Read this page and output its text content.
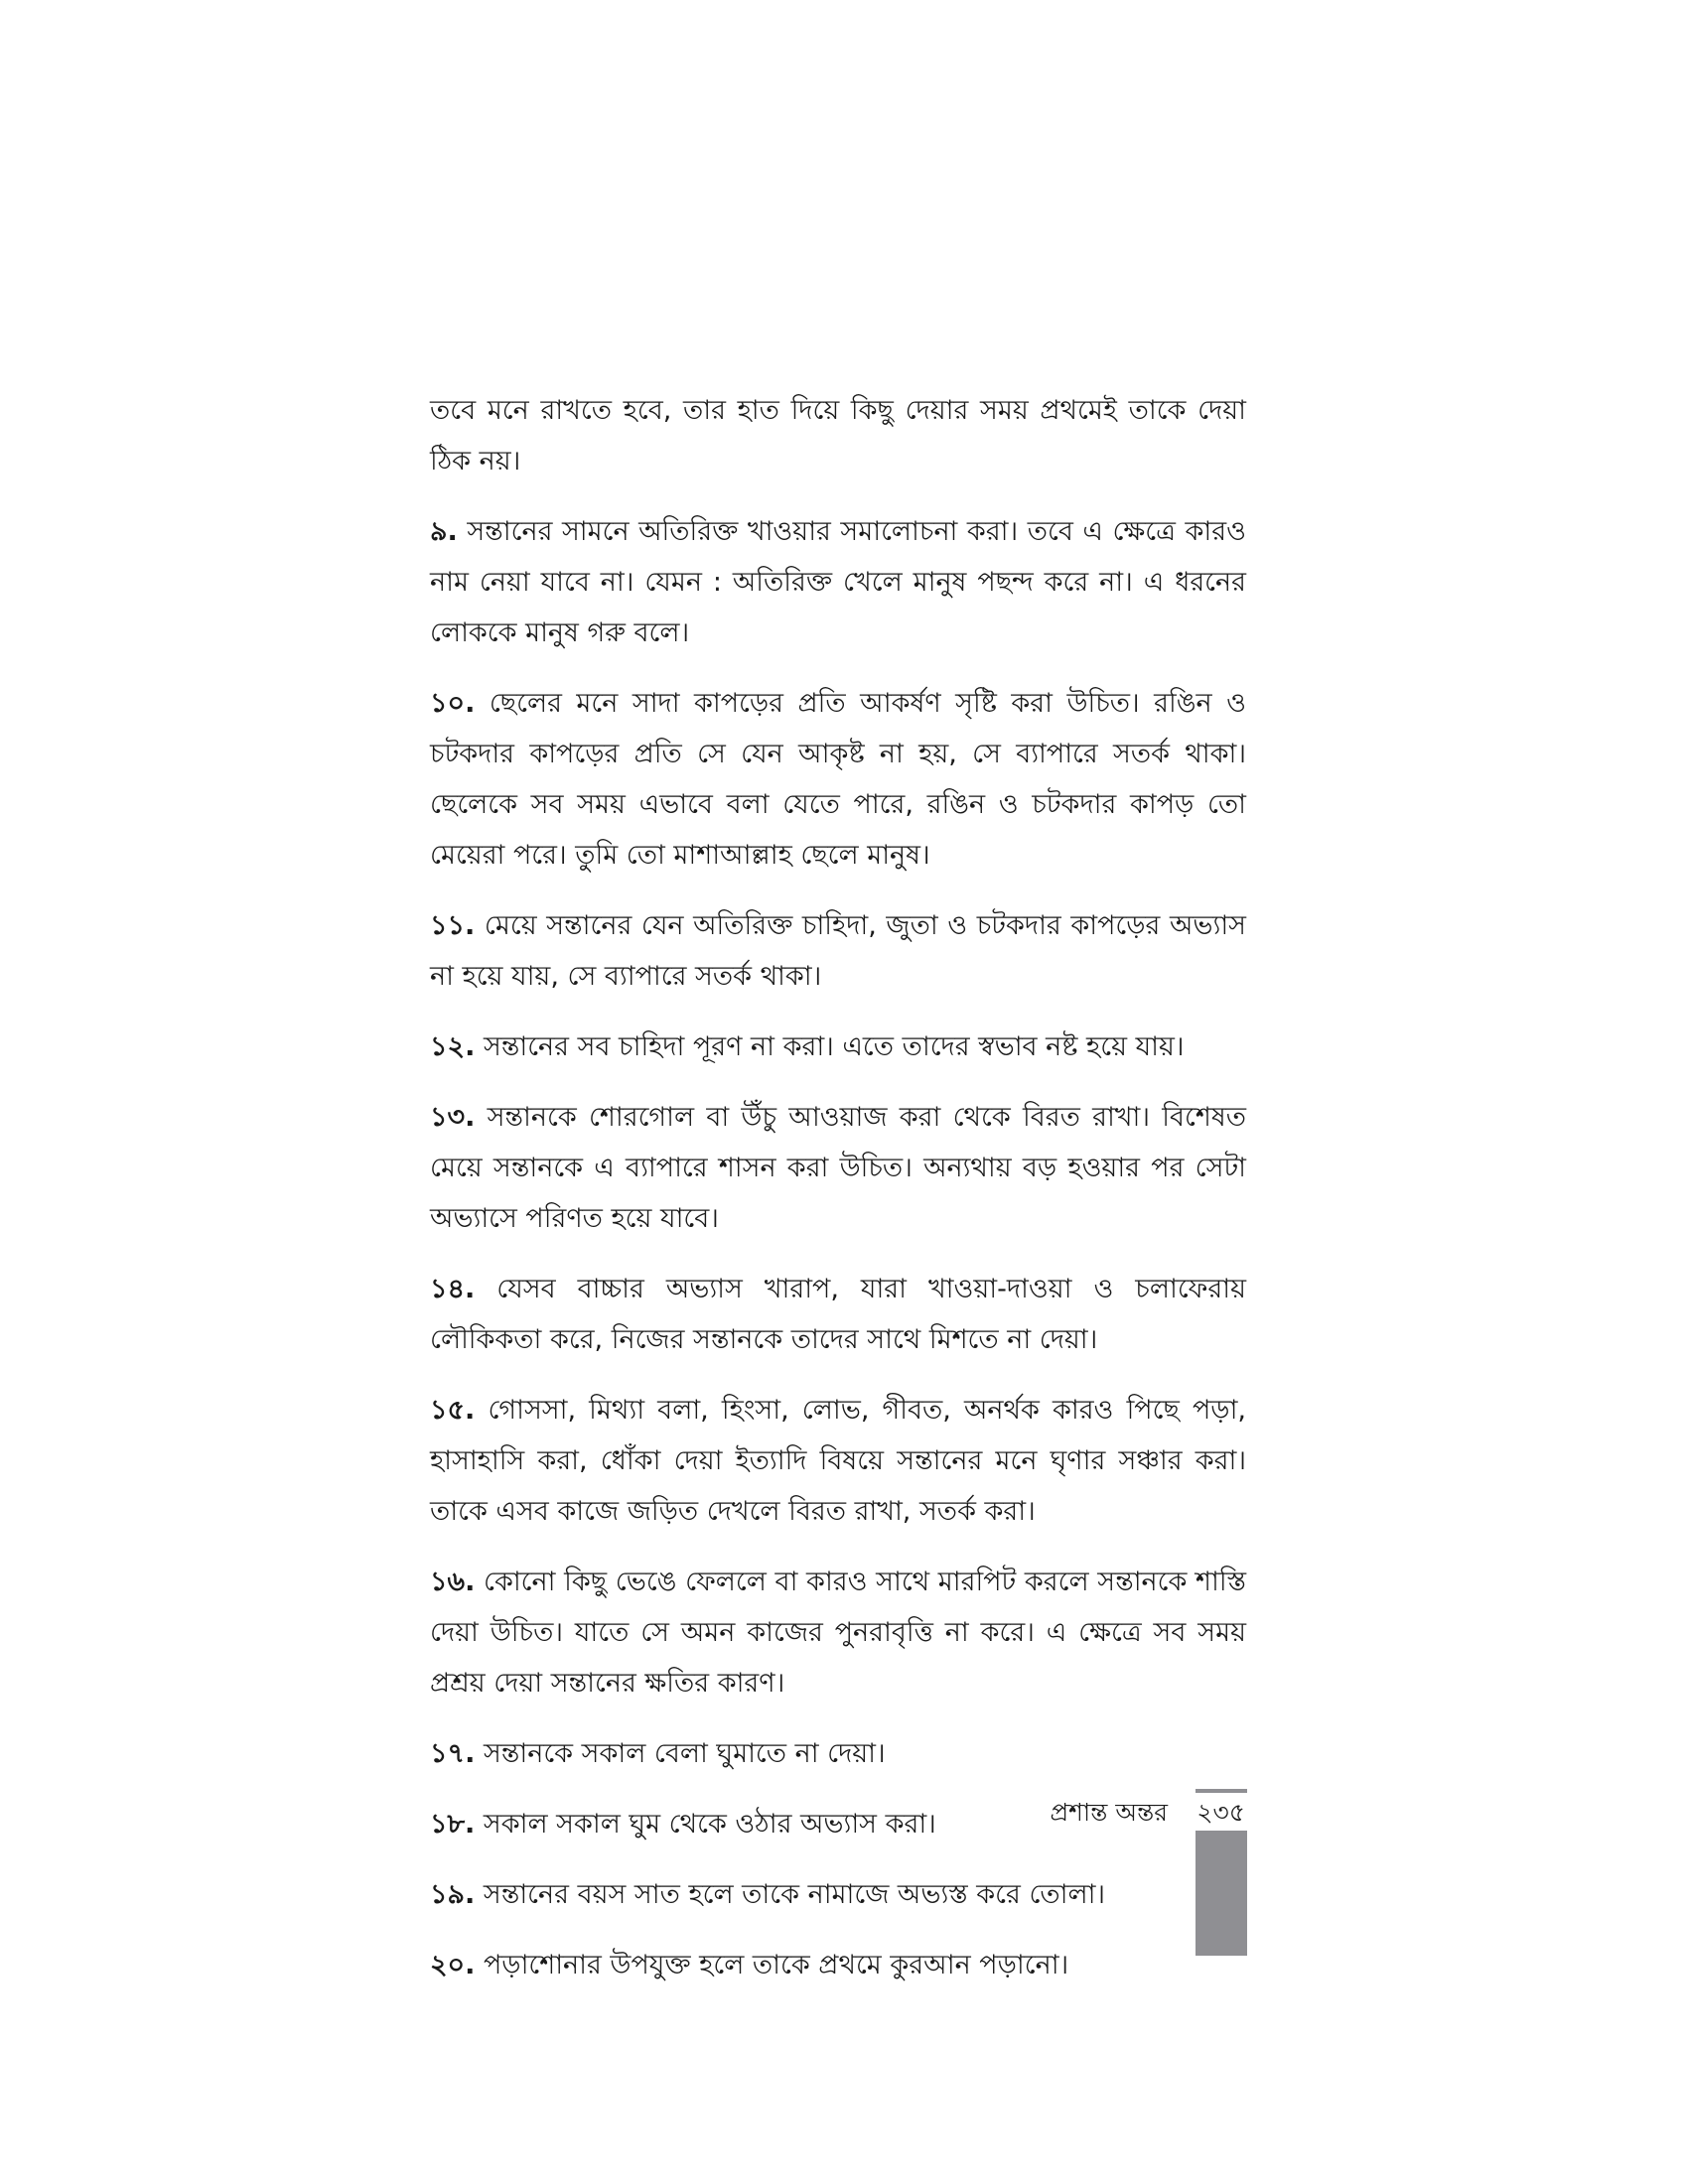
তবে মনে রাখতে হবে, তার হাত দিয়ে কিছু দেয়ার সময় প্রথমেই তাকে দেয়া ঠিক নয়।

৯. সন্তানের সামনে অতিরিক্ত খাওয়ার সমালোচনা করা। তবে এ ক্ষেত্রে কারও নাম নেয়া যাবে না। যেমন : অতিরিক্ত খেলে মানুষ পছন্দ করে না। এ ধরনের লোককে মানুষ গরু বলে।

১০. ছেলের মনে সাদা কাপড়ের প্রতি আকর্ষণ সৃষ্টি করা উচিত। রঙিন ও চটকদার কাপড়ের প্রতি সে যেন আকৃষ্ট না হয়, সে ব্যাপারে সতর্ক থাকা। ছেলেকে সব সময় এভাবে বলা যেতে পারে, রঙিন ও চটকদার কাপড় তো মেয়েরা পরে। তুমি তো মাশাআল্লাহ ছেলে মানুষ।

১১. মেয়ে সন্তানের যেন অতিরিক্ত চাহিদা, জুতা ও চটকদার কাপড়ের অভ্যাস না হয়ে যায়, সে ব্যাপারে সতর্ক থাকা।

১২. সন্তানের সব চাহিদা পূরণ না করা। এতে তাদের স্বভাব নষ্ট হয়ে যায়।

১৩. সন্তানকে শোরগোল বা উঁচু আওয়াজ করা থেকে বিরত রাখা। বিশেষত মেয়ে সন্তানকে এ ব্যাপারে শাসন করা উচিত। অন্যথায় বড় হওয়ার পর সেটা অভ্যাসে পরিণত হয়ে যাবে।

১৪. যেসব বাচ্চার অভ্যাস খারাপ, যারা খাওয়া-দাওয়া ও চলাফেরায় লৌকিকতা করে, নিজের সন্তানকে তাদের সাথে মিশতে না দেয়া।

১৫. গোসসা, মিথ্যা বলা, হিংসা, লোভ, গীবত, অনর্থক কারও পিছে পড়া, হাসাহাসি করা, ধোঁকা দেয়া ইত্যাদি বিষয়ে সন্তানের মনে ঘৃণার সঞ্চার করা। তাকে এসব কাজে জড়িত দেখলে বিরত রাখা, সতর্ক করা।

১৬. কোনো কিছু ভেঙে ফেললে বা কারও সাথে মারপিট করলে সন্তানকে শাস্তি দেয়া উচিত। যাতে সে অমন কাজের পুনরাবৃত্তি না করে। এ ক্ষেত্রে সব সময় প্রশ্রয় দেয়া সন্তানের ক্ষতির কারণ।

১৭. সন্তানকে সকাল বেলা ঘুমাতে না দেয়া।

১৮. সকাল সকাল ঘুম থেকে ওঠার অভ্যাস করা।

১৯. সন্তানের বয়স সাত হলে তাকে নামাজে অভ্যস্ত করে তোলা।

২০. পড়াশোনার উপযুক্ত হলে তাকে প্রথমে কুরআন পড়ানো।

প্রশান্ত অন্তর ২৩৫
